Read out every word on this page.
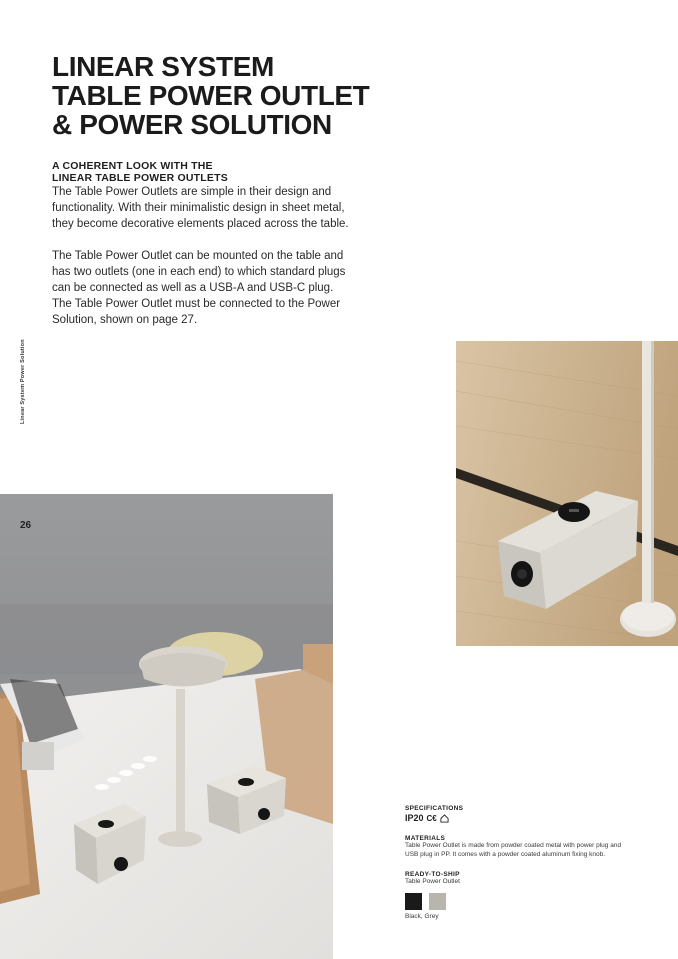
LINEAR SYSTEM
TABLE POWER OUTLET
& POWER SOLUTION
A COHERENT LOOK WITH THE
LINEAR TABLE POWER OUTLETS

The Table Power Outlets are simple in their design and functionality. With their minimalistic design in sheet metal, they become decorative elements placed across the table.

The Table Power Outlet can be mounted on the table and has two outlets (one in each end) to which standard plugs can be connected as well as a USB-A and USB-C plug. The Table Power Outlet must be connected to the Power Solution, shown on page 27.

Linear System Power Solution
26

SPECIFICATIONS

IP20 C€

MATERIALS

Table Power Outlet is made from powder coated metal with power plug and USB plug in PP. It comes with a powder coated aluminum fixing knob.

READY-TO-SHIP

Table Power Outlet

Black, Grey
